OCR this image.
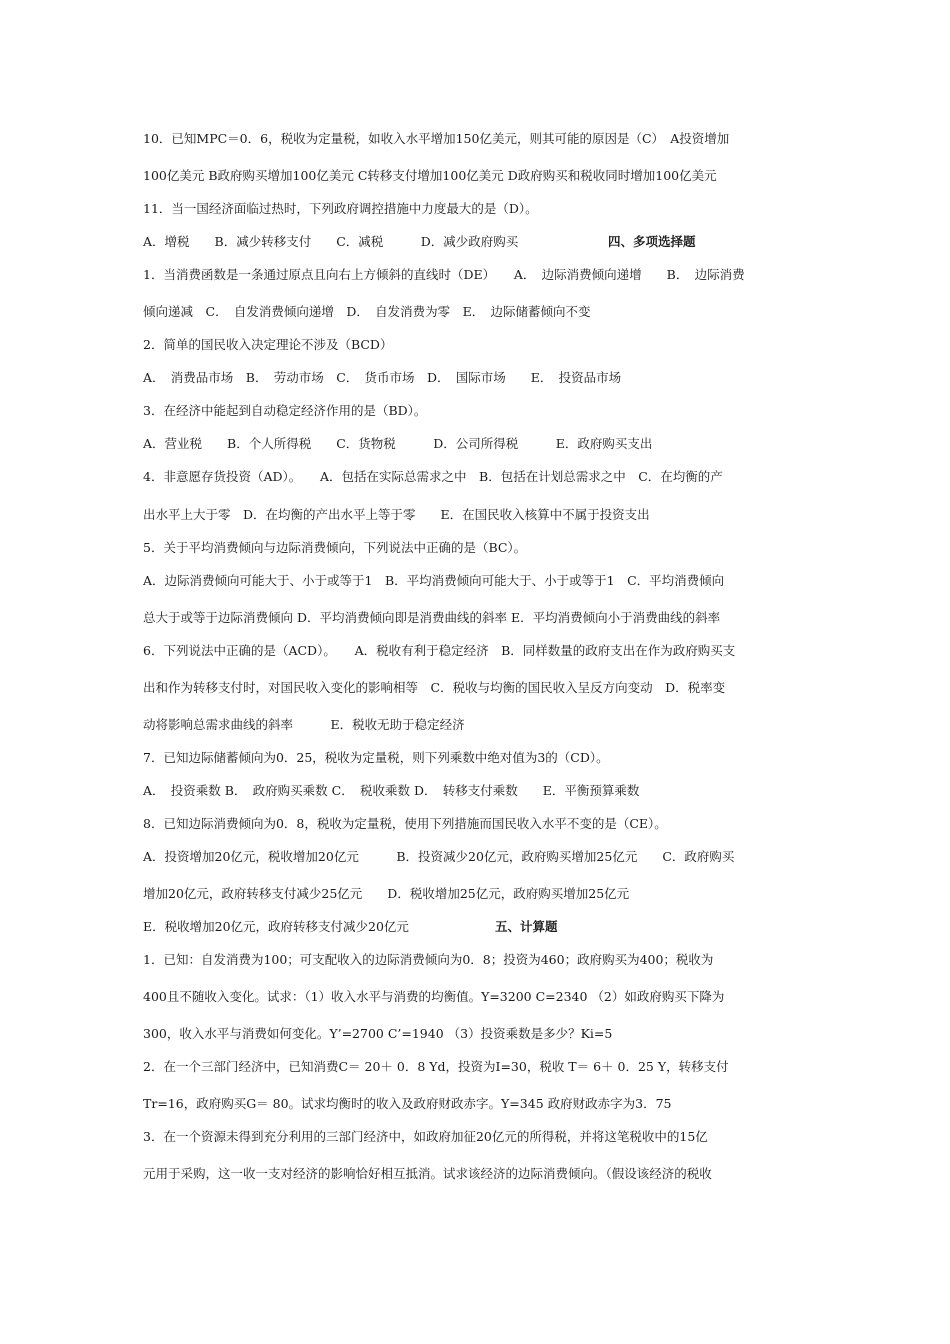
10．已知MPC＝0．6，税收为定量税，如收入水平增加150亿美元，则其可能的原因是（C）　A投资增加
100亿美元 B政府购买增加100亿美元 C转移支付增加100亿美元 D政府购买和税收同时增加100亿美元
11．当一国经济面临过热时，下列政府调控措施中力度最大的是（D）。
A．增税　　B．减少转移支付　　C．减税　　　D．减少政府购买	四、多项选择题
1．当消费函数是一条通过原点且向右上方倾斜的直线时（DE）　　A．　边际消费倾向递增　　B．　边际消费
倾向递减　C．　自发消费倾向递增　D．　自发消费为零　E．　边际储蓄倾向不变
2．简单的国民收入决定理论不涉及（BCD）
A．　消费品市场　B．　劳动市场　C．　货币市场　D．　国际市场　　E．　投资品市场
3．在经济中能起到自动稳定经济作用的是（BD）。
A．营业税　　B．个人所得税　　C．货物税　　　D．公司所得税　　　E．政府购买支出
4．非意愿存货投资（AD）。　　A．包括在实际总需求之中　B．包括在计划总需求之中　C．在均衡的产
出水平上大于零　D．在均衡的产出水平上等于零　　E．在国民收入核算中不属于投资支出
5．关于平均消费倾向与边际消费倾向，下列说法中正确的是（BC）。
A．边际消费倾向可能大于、小于或等于1　B．平均消费倾向可能大于、小于或等于1　C．平均消费倾向
总大于或等于边际消费倾向 D．平均消费倾向即是消费曲线的斜率 E．平均消费倾向小于消费曲线的斜率
6．下列说法中正确的是（ACD）。　　A．税收有利于稳定经济　B．同样数量的政府支出在作为政府购买支
出和作为转移支付时，对国民收入变化的影响相等　C．税收与均衡的国民收入呈反方向变动　D．税率变
动将影响总需求曲线的斜率　　　E．税收无助于稳定经济
7．已知边际储蓄倾向为0．25，税收为定量税，则下列乘数中绝对值为3的（CD）。
A．　投资乘数 B．　政府购买乘数 C．　税收乘数 D．　转移支付乘数　　E．平衡预算乘数
8．已知边际消费倾向为0．8，税收为定量税，使用下列措施而国民收入水平不变的是（CE）。
A．投资增加20亿元，税收增加20亿元　　　B．投资减少20亿元，政府购买增加25亿元　　C．政府购买
增加20亿元，政府转移支付减少25亿元　　D．税收增加25亿元，政府购买增加25亿元
E．税收增加20亿元，政府转移支付减少20亿元	五、计算题
1．已知：自发消费为100；可支配收入的边际消费倾向为0．8；投资为460；政府购买为400；税收为
400且不随收入变化。试求：（1）收入水平与消费的均衡值。Y=3200 C=2340 （2）如政府购买下降为
300，收入水平与消费如何变化。Y’=2700 C’=1940 （3）投资乘数是多少？Ki=5
2．在一个三部门经济中，已知消费C＝ 20＋ 0．8 Yd，投资为I=30，税收 T＝ 6＋ 0．25 Y，转移支付
Tr=16，政府购买G＝ 80。试求均衡时的收入及政府财政赤字。Y=345 政府财政赤字为3．75
3．在一个资源未得到充分利用的三部门经济中，如政府加征20亿元的所得税，并将这笔税收中的15亿
元用于采购，这一收一支对经济的影响恰好相互抵消。试求该经济的边际消费倾向。（假设该经济的税收
